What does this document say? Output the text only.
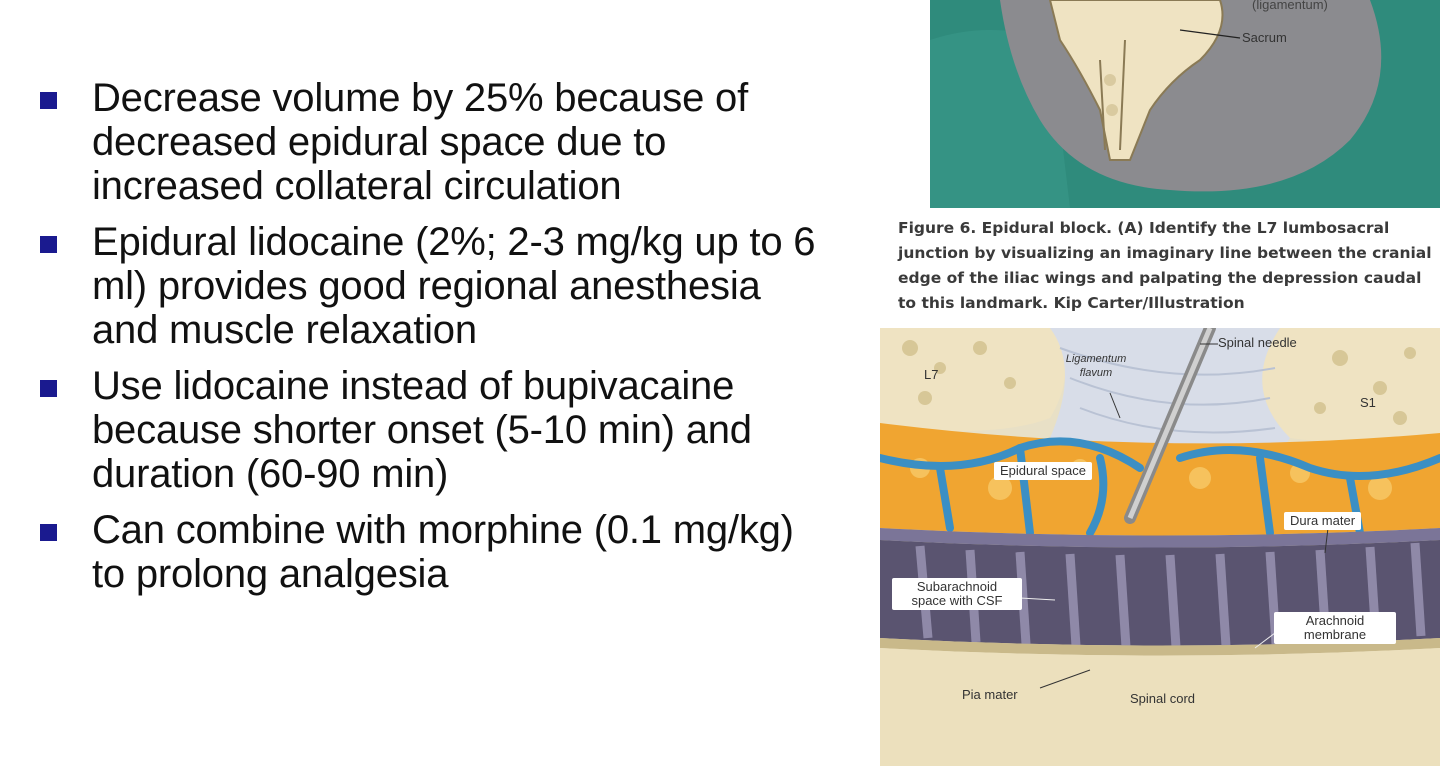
Decrease volume by 25% because of decreased epidural space due to increased collateral circulation
Epidural lidocaine (2%; 2-3 mg/kg up to 6 ml) provides good regional anesthesia and muscle relaxation
Use lidocaine instead of bupivacaine because shorter onset (5-10 min) and duration (60-90 min)
Can combine with morphine (0.1 mg/kg) to prolong analgesia
(ligamentum)
Sacrum
Figure 6. Epidural block. (A) Identify the L7 lumbosacral junction by visualizing an imaginary line between the cranial edge of the iliac wings and palpating the depression caudal to this landmark. Kip Carter/Illustration
Spinal needle
Ligamentum flavum
L7
S1
Epidural space
Dura mater
Subarachnoid space with CSF
Arachnoid membrane
Pia mater	Spinal cord
